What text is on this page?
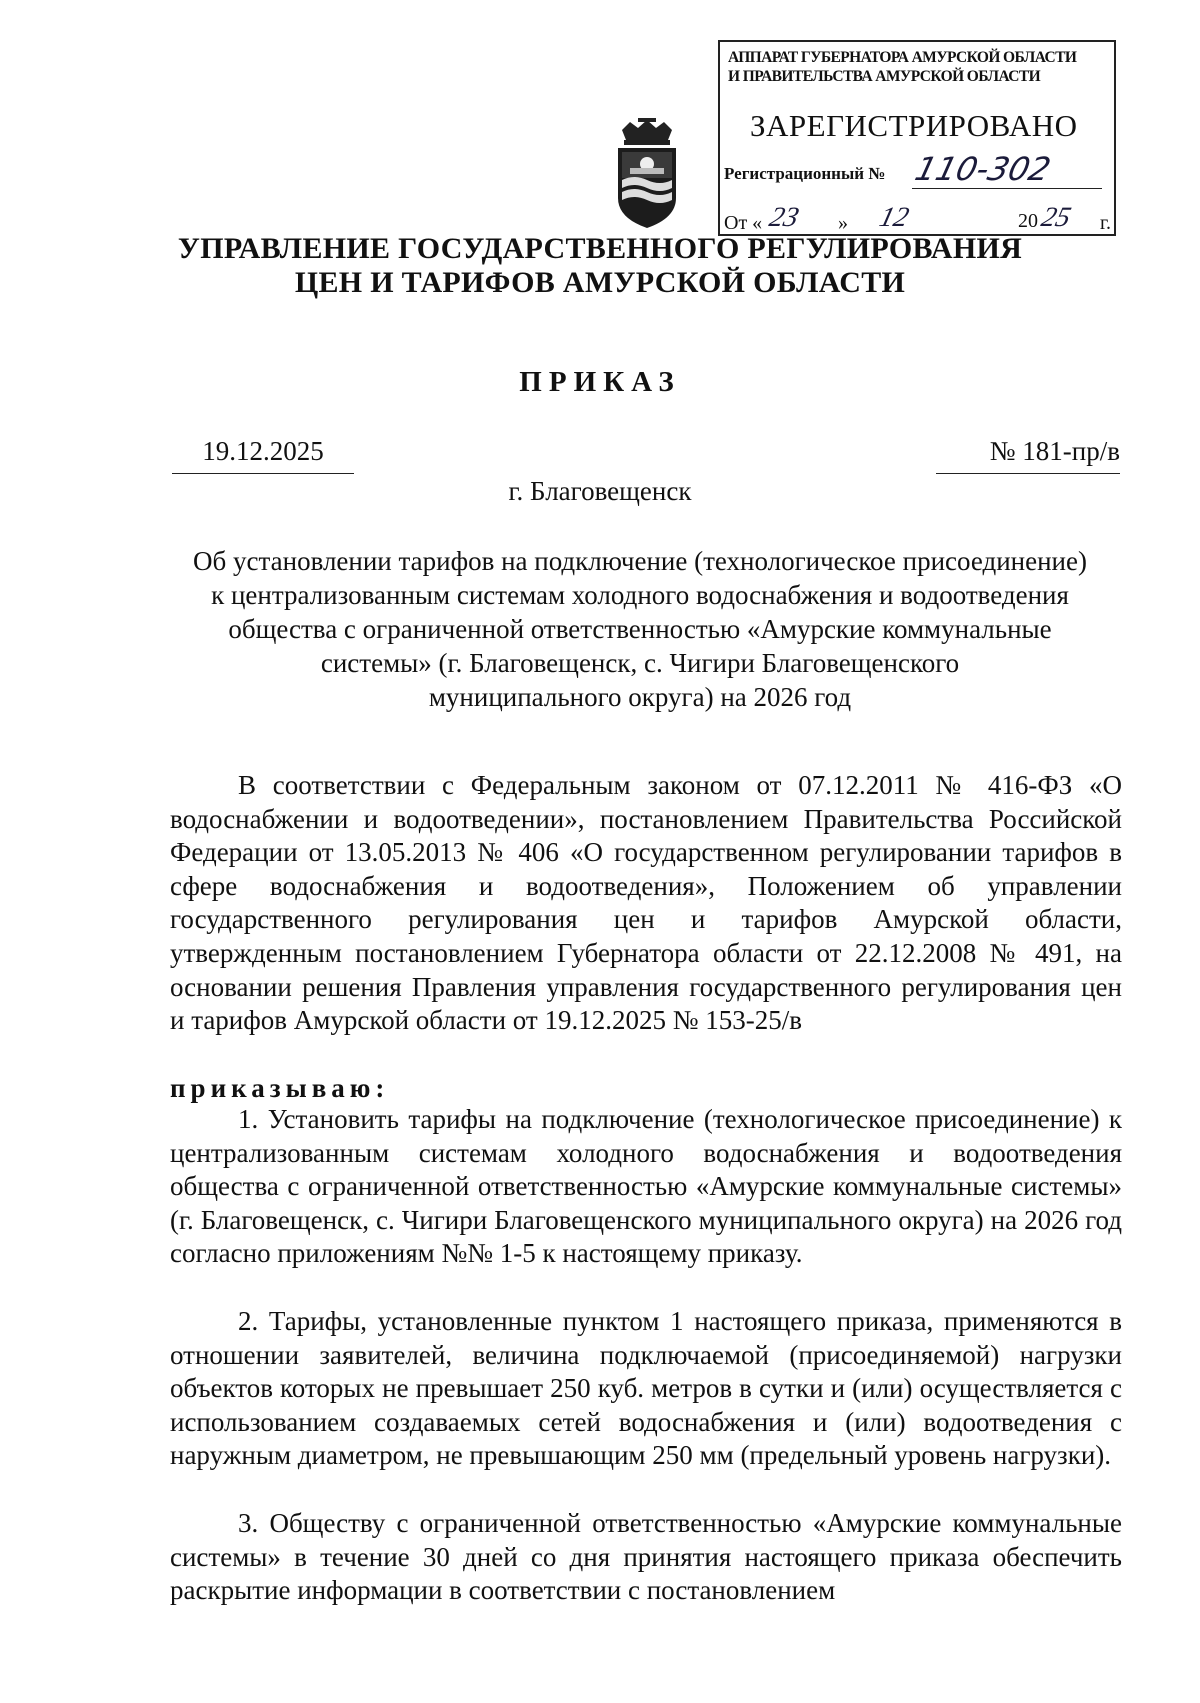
АППАРАТ ГУБЕРНАТОРА АМУРСКОЙ ОБЛАСТИ
И ПРАВИТЕЛЬСТВА АМУРСКОЙ ОБЛАСТИ
ЗАРЕГИСТРИРОВАНО
Регистрационный № 110-302
От « 23 » 12	20 25 г.
УПРАВЛЕНИЕ ГОСУДАРСТВЕННОГО РЕГУЛИРОВАНИЯ
ЦЕН И ТАРИФОВ АМУРСКОЙ ОБЛАСТИ
ПРИКАЗ
19.12.2025	№ 181-пр/в
г. Благовещенск
Об установлении тарифов на подключение (технологическое присоединение)
к централизованным системам холодного водоснабжения и водоотведения
общества с ограниченной ответственностью «Амурские коммунальные
системы» (г. Благовещенск, с. Чигири Благовещенского
муниципального округа) на 2026 год
В соответствии с Федеральным законом от 07.12.2011 № 416-ФЗ «О водоснабжении и водоотведении», постановлением Правительства Российской Федерации от 13.05.2013 № 406 «О государственном регулировании тарифов в сфере водоснабжения и водоотведения», Положением об управлении государственного регулирования цен и тарифов Амурской области, утвержденным постановлением Губернатора области от 22.12.2008 № 491, на основании решения Правления управления государственного регулирования цен и тарифов Амурской области от 19.12.2025 № 153-25/в
приказываю:
1. Установить тарифы на подключение (технологическое присоединение) к централизованным системам холодного водоснабжения и водоотведения общества с ограниченной ответственностью «Амурские коммунальные системы» (г. Благовещенск, с. Чигири Благовещенского муниципального округа) на 2026 год согласно приложениям №№ 1-5 к настоящему приказу.
2. Тарифы, установленные пунктом 1 настоящего приказа, применяются в отношении заявителей, величина подключаемой (присоединяемой) нагрузки объектов которых не превышает 250 куб. метров в сутки и (или) осуществляется с использованием создаваемых сетей водоснабжения и (или) водоотведения с наружным диаметром, не превышающим 250 мм (предельный уровень нагрузки).
3. Обществу с ограниченной ответственностью «Амурские коммунальные системы» в течение 30 дней со дня принятия настоящего приказа обеспечить раскрытие информации в соответствии с постановлением
